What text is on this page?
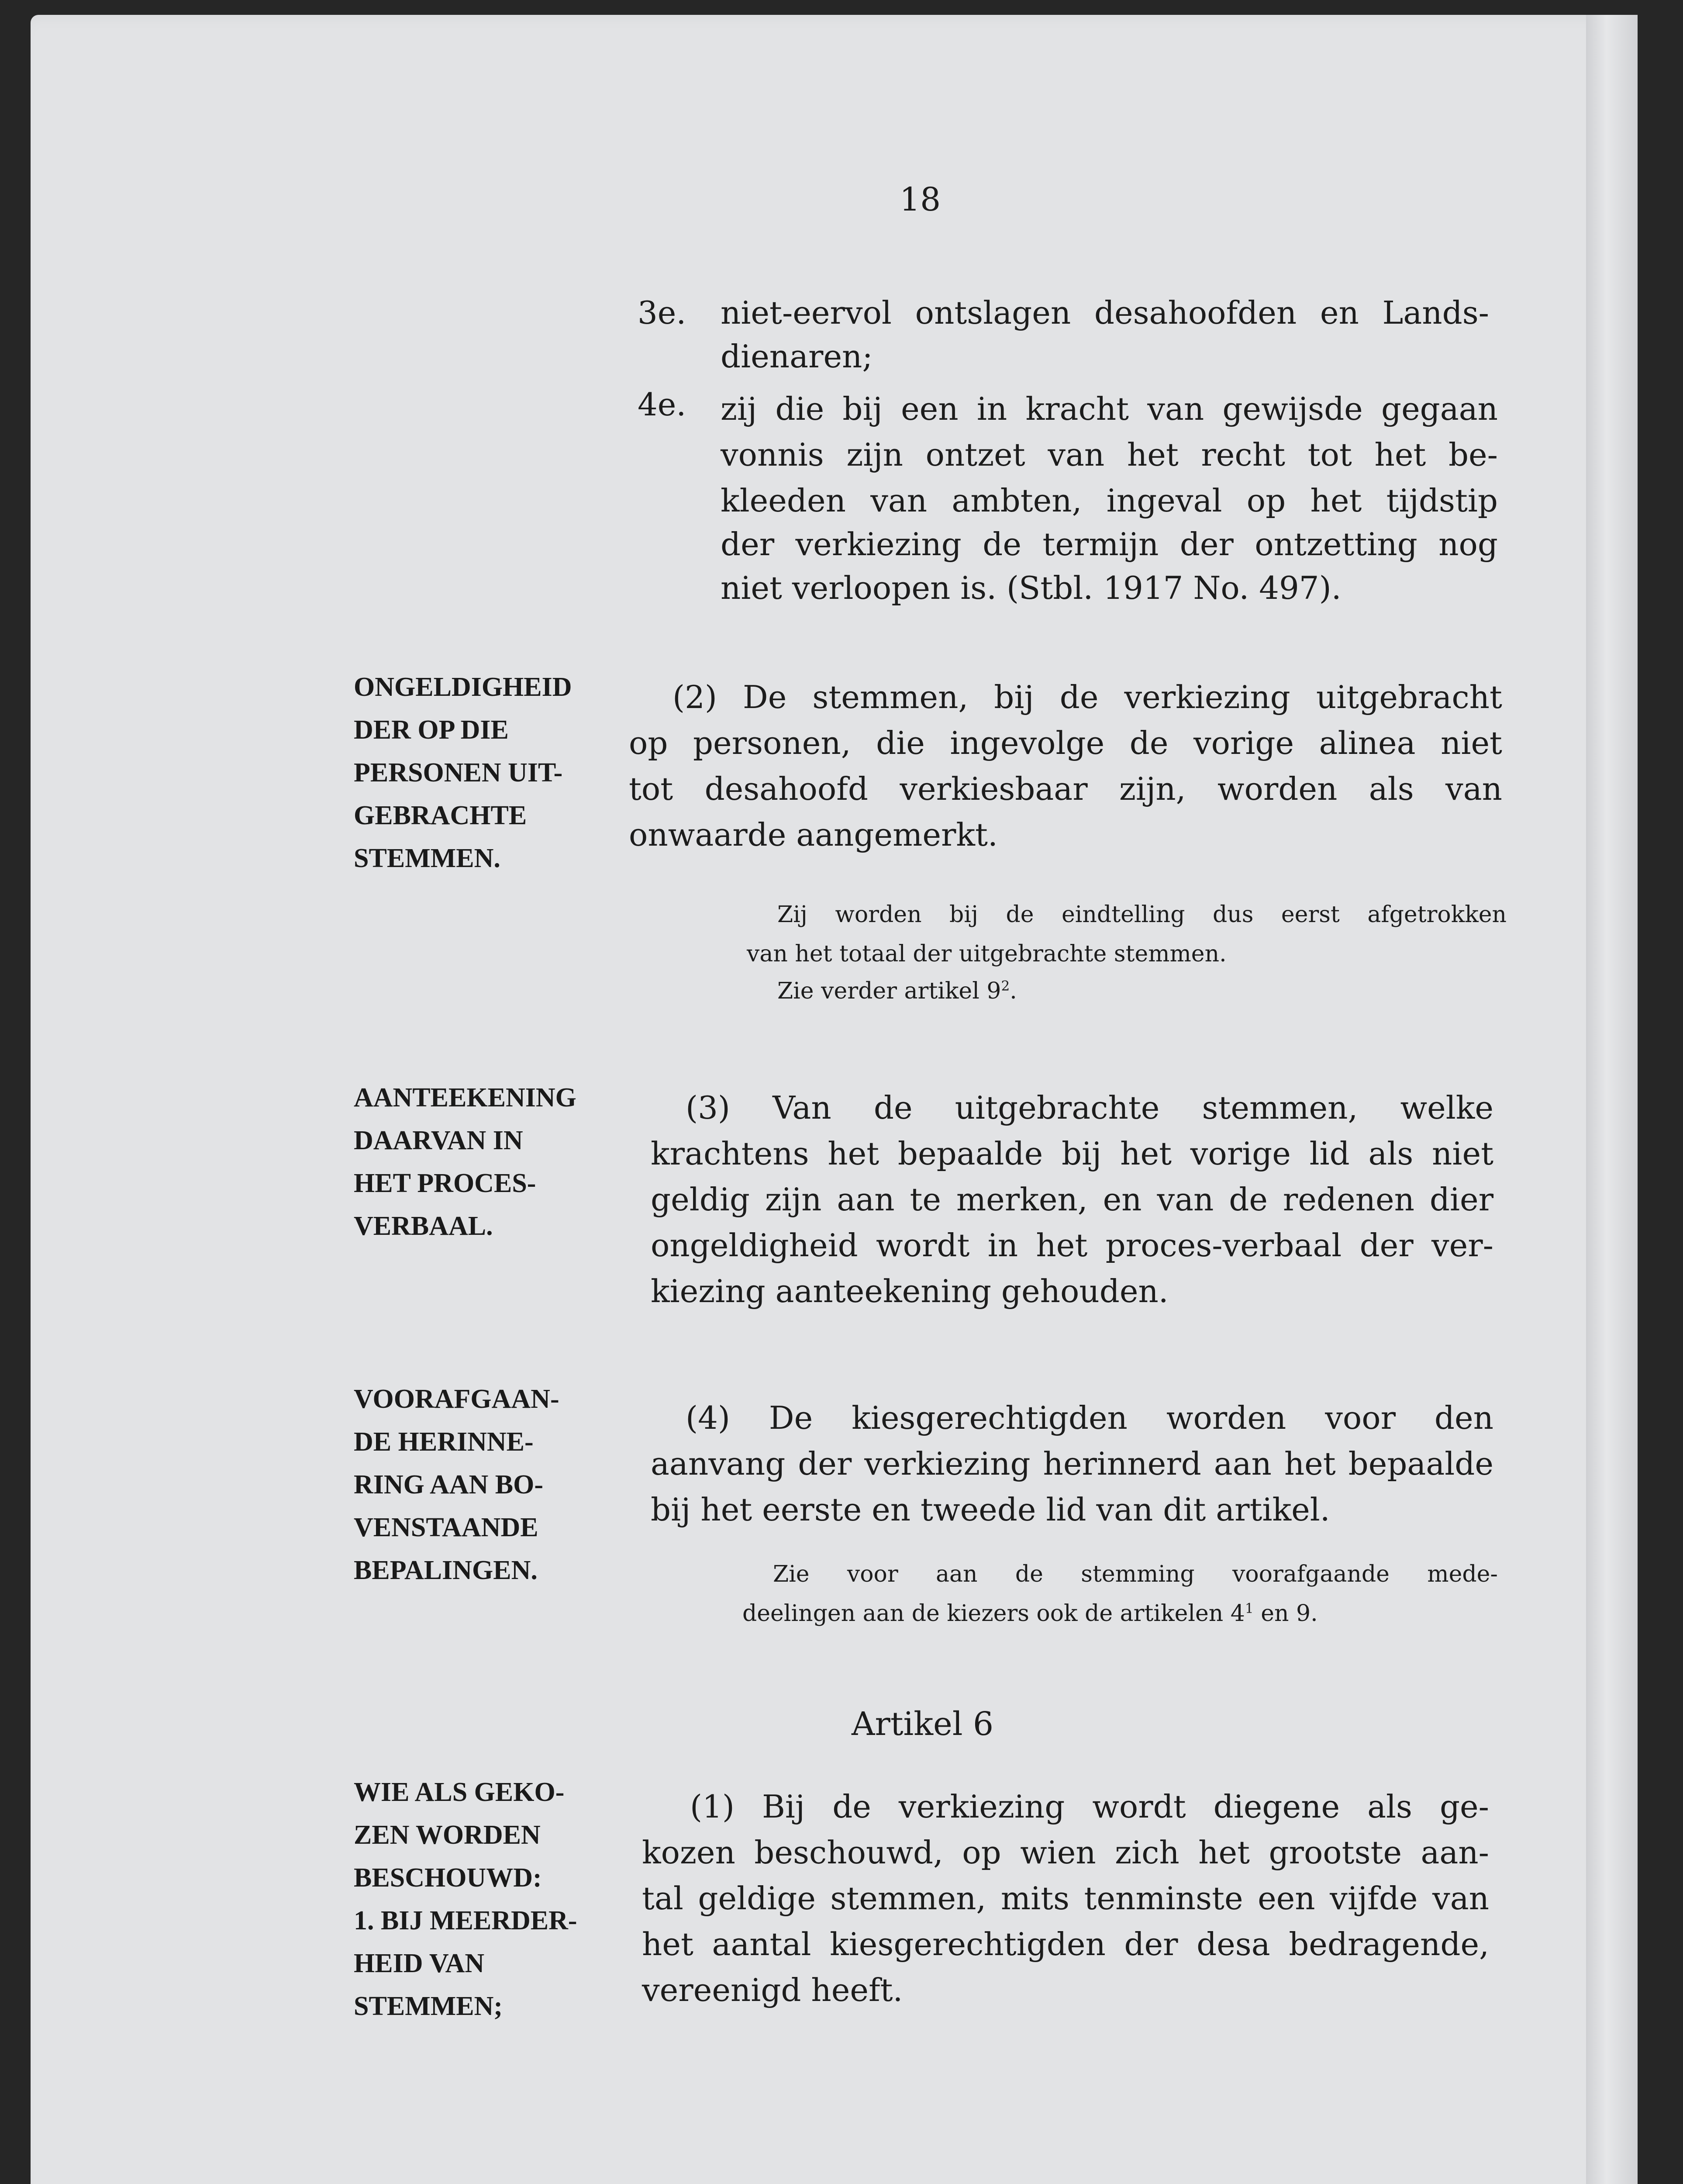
18
3e. niet-eervol ontslagen desahoofden en Lands-
dienaren;
4e. zij die bij een in kracht van gewijsde gegaan
vonnis zijn ontzet van het recht tot het be-
kleeden van ambten, ingeval op het tijdstip
der verkiezing de termijn der ontzetting nog
niet verloopen is. (Stbl. 1917 No. 497).
ONGELDIGHEID
DER OP DIE
PERSONEN UIT-
GEBRACHTE
STEMMEN.
(2) De stemmen, bij de verkiezing uitgebracht
op personen, die ingevolge de vorige alinea niet
tot desahoofd verkiesbaar zijn, worden als van
onwaarde aangemerkt.
Zij worden bij de eindtelling dus eerst afgetrokken
van het totaal der uitgebrachte stemmen.
Zie verder artikel $9^2$.
AANTEEKENING
DAARVAN IN
HET PROCES-
VERBAAL.
(3) Van de uitgebrachte stemmen, welke
krachtens het bepaalde bij het vorige lid als niet
geldig zijn aan te merken, en van de redenen dier
ongeldigheid wordt in het proces-verbaal der ver-
kiezing aanteekening gehouden.
VOORAFGAAN-
DE HERINNE-
RING AAN BO-
VENSTAANDE
BEPALINGEN.
(4) De kiesgerechtigden worden voor den
aanvang der verkiezing herinnerd aan het bepaalde
bij het eerste en tweede lid van dit artikel.
Zie voor aan de stemming voorafgaande mede-
deelingen aan de kiezers ook de artikelen $4^1$ en 9.
Artikel 6
WIE ALS GEKO-
ZEN WORDEN
BESCHOUWD:
1. BIJ MEERDER-
HEID VAN
STEMMEN;
(1) Bij de verkiezing wordt diegene als ge-
kozen beschouwd, op wien zich het grootste aan-
tal geldige stemmen, mits tenminste een vijfde van
het aantal kiesgerechtigden der desa bedragende,
vereenigd heeft.
